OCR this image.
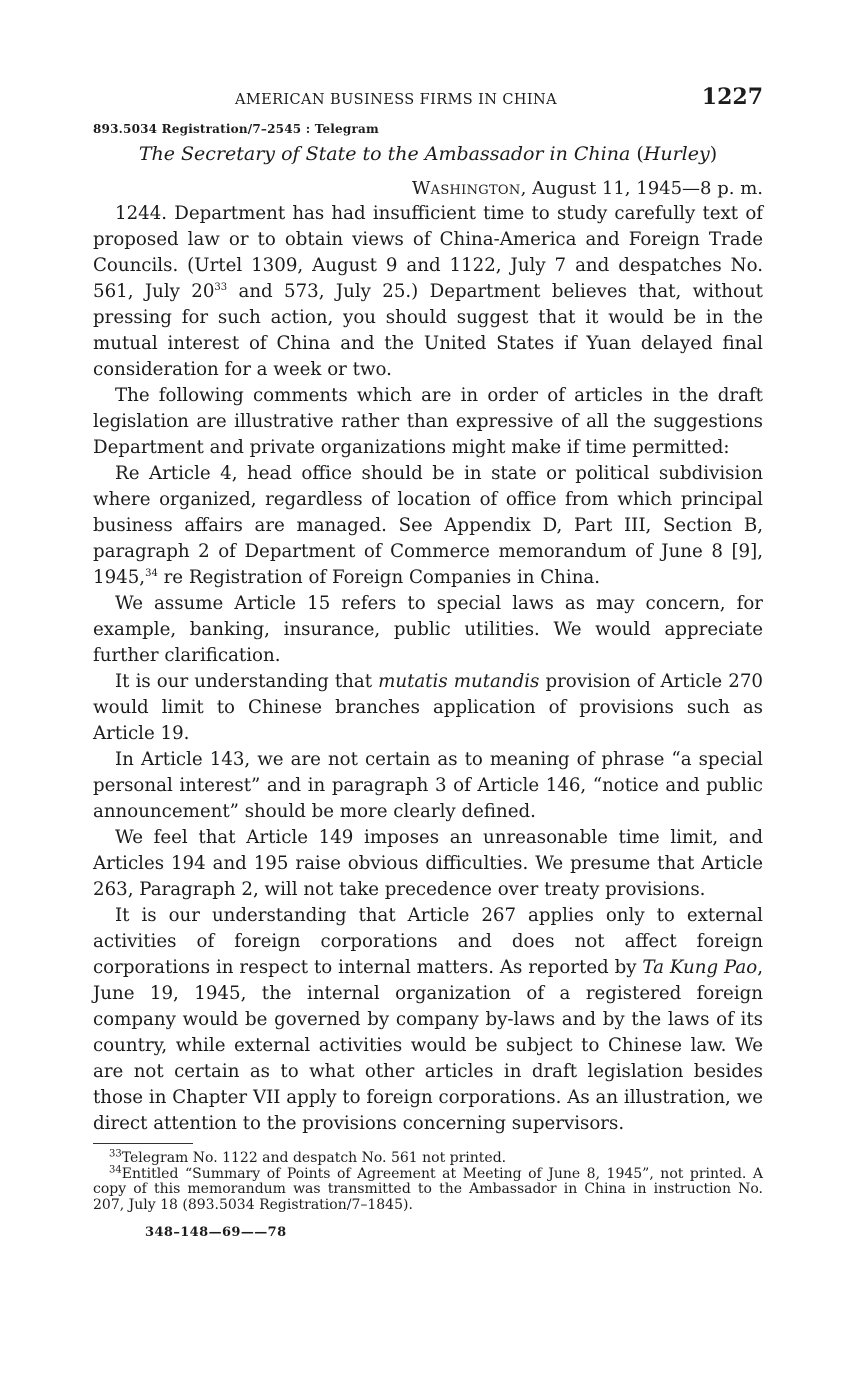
AMERICAN BUSINESS FIRMS IN CHINA	1227
893.5034 Registration/7–2545 : Telegram
The Secretary of State to the Ambassador in China (Hurley)
Washington, August 11, 1945—8 p. m.

1244. Department has had insufficient time to study carefully text of proposed law or to obtain views of China-America and Foreign Trade Councils. (Urtel 1309, August 9 and 1122, July 7 and despatches No. 561, July $20^{33}$ and 573, July 25.) Department believes that, without pressing for such action, you should suggest that it would be in the mutual interest of China and the United States if Yuan delayed final consideration for a week or two.

The following comments which are in order of articles in the draft legislation are illustrative rather than expressive of all the suggestions Department and private organizations might make if time permitted:

Re Article 4, head office should be in state or political subdivision where organized, regardless of location of office from which principal business affairs are managed. See Appendix D, Part III, Section B, paragraph 2 of Department of Commerce memorandum of June 8 [9], 1945,34 re Registration of Foreign Companies in China.

We assume Article 15 refers to special laws as may concern, for example, banking, insurance, public utilities. We would appreciate further clarification.

It is our understanding that mutatis mutandis provision of Article 270 would limit to Chinese branches application of provisions such as Article 19.

In Article 143, we are not certain as to meaning of phrase “a special personal interest” and in paragraph 3 of Article 146, “notice and public announcement” should be more clearly defined.

We feel that Article 149 imposes an unreasonable time limit, and Articles 194 and 195 raise obvious difficulties. We presume that Article 263, Paragraph 2, will not take precedence over treaty provisions.

It is our understanding that Article 267 applies only to external activities of foreign corporations and does not affect foreign corporations in respect to internal matters. As reported by Ta Kung Pao, June 19, 1945, the internal organization of a registered foreign company would be governed by company by-laws and by the laws of its country, while external activities would be subject to Chinese law. We are not certain as to what other articles in draft legislation besides those in Chapter VII apply to foreign corporations. As an illustration, we direct attention to the provisions concerning supervisors.

$^{33}$Telegram No. 1122 and despatch No. 561 not printed.

$^{34}$Entitled “Summary of Points of Agreement at Meeting of June 8, 1945”, not printed. A copy of this memorandum was transmitted to the Ambassador in China in instruction No. 207, July 18 (893.5034 Registration/7–1845).

348–148—69——78
